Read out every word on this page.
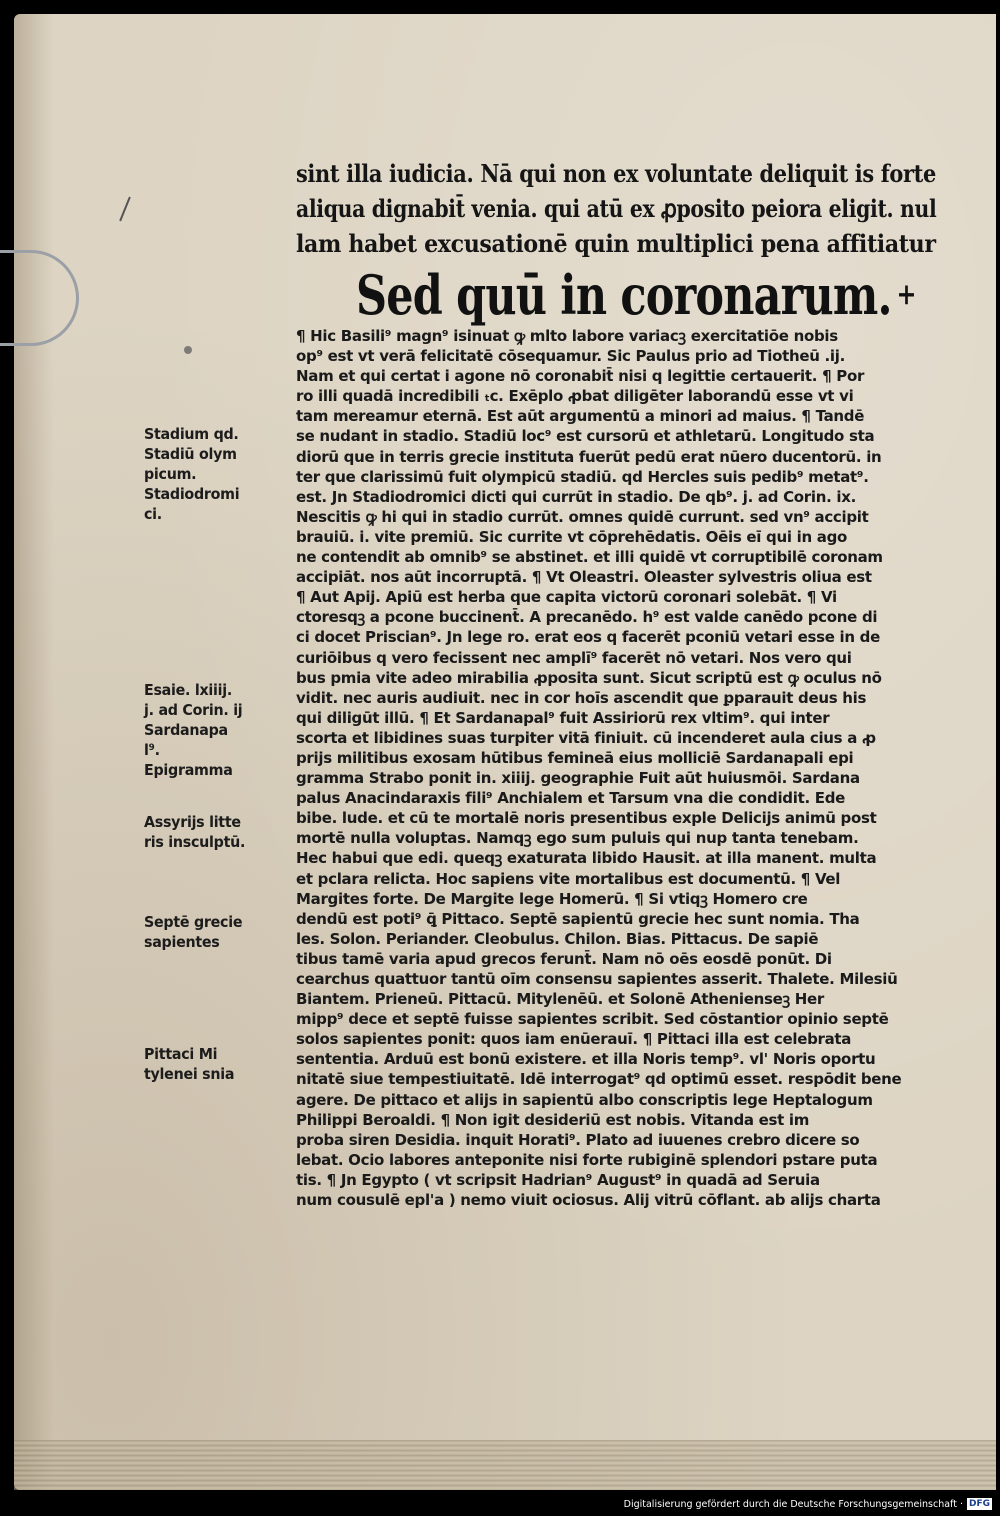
sint illa iudicia. Nā qui non ex voluntate deliquit is forte
aliqua dignabit̄ venia. qui atū ex ꝓposito peiora eligit. nul
lam habet excusationē quin multiplici pena affitiatur
Sed quū in coronarum. +
¶ Hic Basili⁹ magn⁹ isinuat ꝙ mlto labore variacꝫ exercitatiōe nobis
op⁹ est vt verā felicitatē cōsequamur. Sic Paulus prio ad Tiotheū .ij.
Nam et qui certat i agone nō coronabit̄ nisi q legittie certauerit. ¶ Por
ro illi quadā incredibili ₜc. Exēplo ꝓbat diligēter laborandū esse vt vi
tam mereamur eternā. Est aūt argumentū a minori ad maius. ¶ Tandē
se nudant in stadio. Stadiū loc⁹ est cursorū et athletarū. Longitudo sta
diorū que in terris grecie instituta fuerūt pedū erat nūero ducentorū. in
ter que clarissimū fuit olympicū stadiū. qd Hercles suis pedib⁹ metat⁹.
est. Jn Stadiodromici dicti qui currūt in stadio. De qb⁹. j. ad Corin. ix.
Nescitis ꝙ hi qui in stadio currūt. omnes quidē currunt. sed vn⁹ accipit
brauiū. i. vite premiū. Sic currite vt cōprehēdatis. Oēis eī qui in ago
ne contendit ab omnib⁹ se abstinet. et illi quidē vt corruptibilē coronam
accipiāt. nos aūt incorruptā. ¶ Vt Oleastri. Oleaster sylvestris oliua est
¶ Aut Apij. Apiū est herba que capita victorū coronari solebāt. ¶ Vi
ctoresqꝫ a pcone buccinent̄. A precanēdo. h⁹ est valde canēdo pcone di
ci docet Priscian⁹. Jn lege ro. erat eos q facerēt pconiū vetari esse in de
curiōibus q vero fecissent nec amplī⁹ facerēt nō vetari. Nos vero qui
bus pmia vite adeo mirabilia ꝓposita sunt. Sicut scriptū est ꝙ oculus nō
vidit. nec auris audiuit. nec in cor hoīs ascendit que ꝑparauit deus his
qui diligūt illū. ¶ Et Sardanapal⁹ fuit Assiriorū rex vltim⁹. qui inter
scorta et libidines suas turpiter vitā finiuit. cū incenderet aula cius a ꝓ
prijs militibus exosam hūtibus femineā eius molliciē Sardanapali epi
gramma Strabo ponit in. xiiij. geographie Fuit aūt huiusmōi. Sardana
palus Anacindaraxis fili⁹ Anchialem et Tarsum vna die condidit. Ede
bibe. lude. et cū te mortalē noris presentibus exple Delicijs animū post
mortē nulla voluptas. Namqꝫ ego sum puluis qui nup tanta tenebam.
Hec habui que edi. queqꝫ exaturata libido Hausit. at illa manent. multa
et pclara relicta. Hoc sapiens vite mortalibus est documentū. ¶ Vel
Margites forte. De Margite lege Homerū. ¶ Si vtiqꝫ Homero cre
dendū est poti⁹ ꝗ̄ Pittaco. Septē sapientū grecie hec sunt nomia. Tha
les. Solon. Periander. Cleobulus. Chilon. Bias. Pittacus. De sapiē
tibus tamē varia apud grecos ferunt̄. Nam nō oēs eosdē ponūt. Di
cearchus quattuor tantū oīm consensu sapientes asserit. Thalete. Milesiū
Biantem. Prieneū. Pittacū. Mitylenēū. et Solonē Athenienseꝫ Her
mipp⁹ dece et septē fuisse sapientes scribit. Sed cōstantior opinio septē
solos sapientes ponit: quos iam enūerauī. ¶ Pittaci illa est celebrata
sententia. Arduū est bonū existere. et illa Noris temp⁹. vl' Noris oportu
nitatē siue tempestiuitatē. Idē interrogat⁹ qd optimū esset. respōdit bene
agere. De pittaco et alijs in sapientū albo conscriptis lege Heptalogum
Philippi Beroaldi. ¶ Non igit desideriū est nobis. Vitanda est im
proba siren Desidia. inquit Horati⁹. Plato ad iuuenes crebro dicere so
lebat. Ocio labores anteponite nisi forte rubiginē splendori pstare puta
tis. ¶ Jn Egypto ( vt scripsit Hadrian⁹ August⁹ in quadā ad Seruia
num cousulē epl'a ) nemo viuit ociosus. Alij vitrū cōflant. ab alijs charta
Stadium qd.
Stadiū olym
picum.
Stadiodromi
ci.
Esaie. lxiiij.
j. ad Corin. ij
Sardanapa
l⁹.
Epigramma
Assyrijs litte
ris insculptū.
Septē grecie
sapientes
Pittaci Mi
tylenei snia
Digitalisierung gefördert durch die Deutsche Forschungsgemeinschaft · DFG
